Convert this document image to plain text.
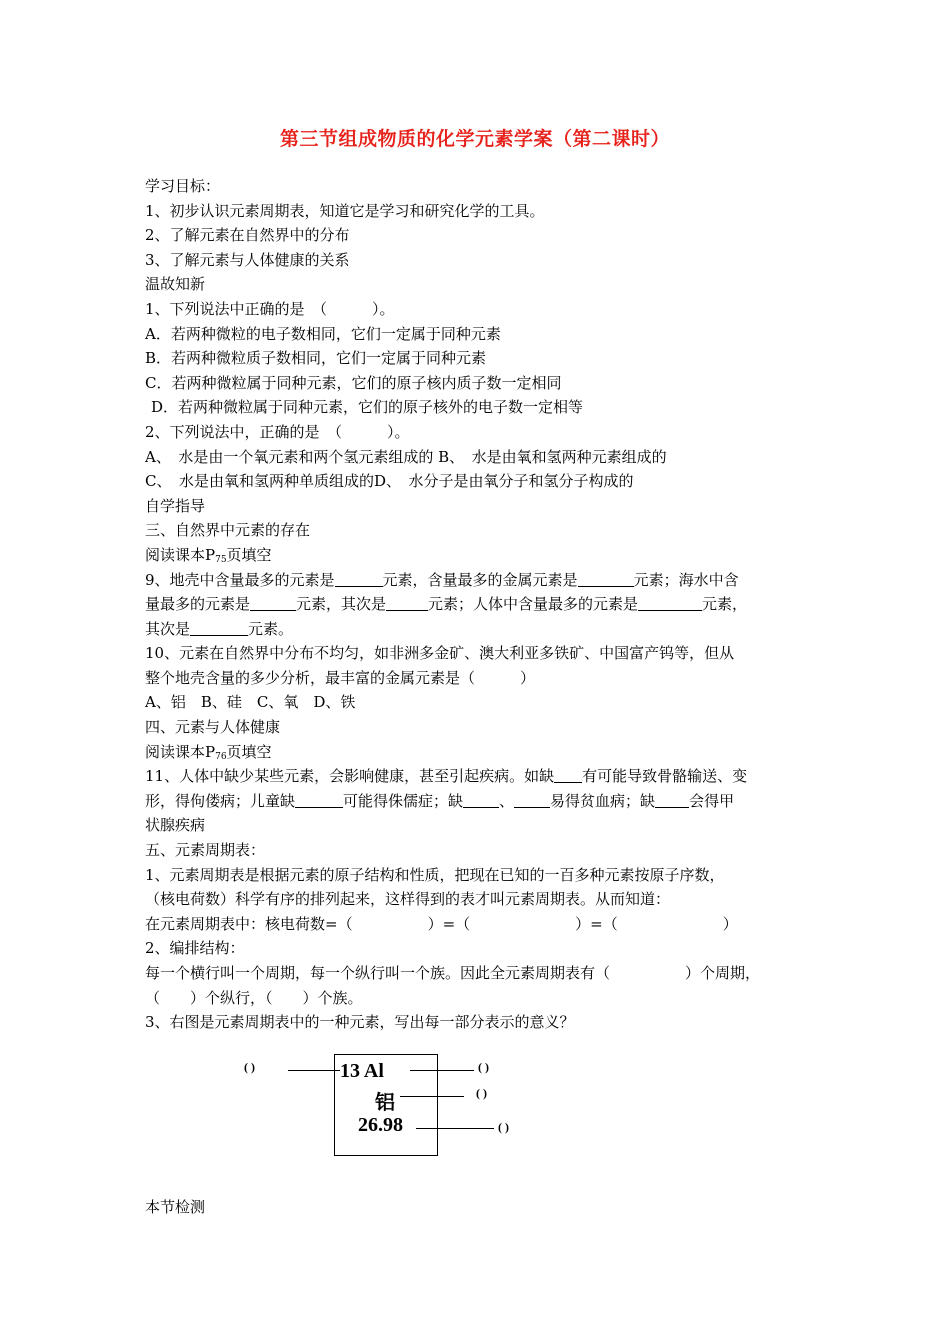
第三节组成物质的化学元素学案（第二课时）
学习目标：
1、初步认识元素周期表，知道它是学习和研究化学的工具。
2、了解元素在自然界中的分布
3、了解元素与人体健康的关系
温故知新
1、下列说法中正确的是　（　　　）。
A．若两种微粒的电子数相同，它们一定属于同种元素
B．若两种微粒质子数相同，它们一定属于同种元素
C．若两种微粒属于同种元素，它们的原子核内质子数一定相同
D．若两种微粒属于同种元素，它们的原子核外的电子数一定相等
2、下列说法中，正确的是　（　　　）。
A、　水是由一个氧元素和两个氢元素组成的 B、　水是由氧和氢两种元素组成的
C、　水是由氧和氢两种单质组成的D、　水分子是由氧分子和氢分子构成的
自学指导
三、自然界中元素的存在
阅读课本$P_{75}$页填空
9、地壳中含量最多的元素是	元素，含量最多的金属元素是	元素；海水中含
量最多的元素是	元素，其次是	元素；人体中含量最多的元素是	元素，
其次是	元素。
10、元素在自然界中分布不均匀，如非洲多金矿、澳大利亚多铁矿、中国富产钨等，但从
整个地壳含量的多少分析，最丰富的金属元素是（　　　）
A、铝　B、硅　C、氧　D、铁
四、元素与人体健康
阅读课本$P_{76}$页填空
11、人体中缺少某些元素，会影响健康，甚至引起疾病。如缺 有可能导致骨骼输送、变
形，得佝偻病；儿童缺	可能得侏儒症；缺 、 易得贫血病；缺 会得甲
状腺疾病
五、元素周期表：
1、元素周期表是根据元素的原子结构和性质，把现在已知的一百多种元素按原子序数，
（核电荷数）科学有序的排列起来，这样得到的表才叫元素周期表。从而知道：
在元素周期表中：核电荷数=（　　　　　）=（　　　　　　　）=（　　　　　　　）
2、编排结构：
每一个横行叫一个周期，每一个纵行叫一个族。因此全元素周期表有（　　　　　）个周期，
（　　）个纵行，（　　）个族。
3、右图是元素周期表中的一种元素，写出每一部分表示的意义？
( )	13 Al	( )
铝	( )
26.98	( )
本节检测
